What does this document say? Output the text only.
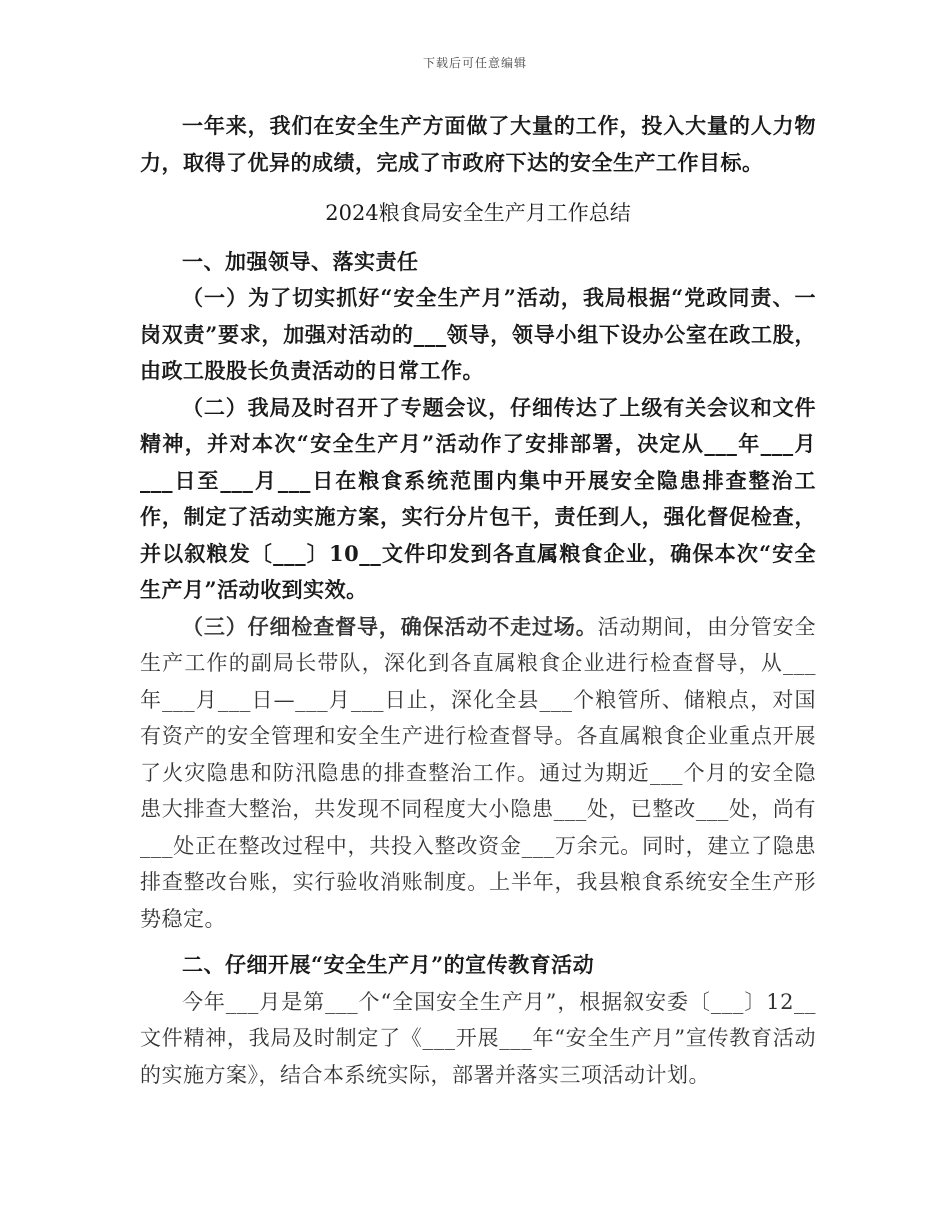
下载后可任意编辑

一年来，我们在安全生产方面做了大量的工作，投入大量的人力物力，取得了优异的成绩，完成了市政府下达的安全生产工作目标。

2024粮食局安全生产月工作总结

一、加强领导、落实责任

（一）为了切实抓好“安全生产月”活动，我局根据“党政同责、一岗双责”要求，加强对活动的___领导，领导小组下设办公室在政工股，由政工股股长负责活动的日常工作。

（二）我局及时召开了专题会议，仔细传达了上级有关会议和文件精神，并对本次“安全生产月”活动作了安排部署，决定从___年___月___日至___月___日在粮食系统范围内集中开展安全隐患排查整治工作，制定了活动实施方案，实行分片包干，责任到人，强化督促检查，并以叙粮发〔___〕10__文件印发到各直属粮食企业，确保本次“安全生产月”活动收到实效。

（三）仔细检查督导，确保活动不走过场。活动期间，由分管安全生产工作的副局长带队，深化到各直属粮食企业进行检查督导，从___年___月___日—___月___日止，深化全县___个粮管所、储粮点，对国有资产的安全管理和安全生产进行检查督导。各直属粮食企业重点开展了火灾隐患和防汛隐患的排查整治工作。通过为期近___个月的安全隐患大排查大整治，共发现不同程度大小隐患___处，已整改___处，尚有___处正在整改过程中，共投入整改资金___万余元。同时，建立了隐患排查整改台账，实行验收消账制度。上半年，我县粮食系统安全生产形势稳定。

二、仔细开展“安全生产月”的宣传教育活动

今年___月是第___个“全国安全生产月”，根据叙安委〔___〕12__文件精神，我局及时制定了《___开展___年“安全生产月”宣传教育活动的实施方案》，结合本系统实际，部署并落实三项活动计划。
